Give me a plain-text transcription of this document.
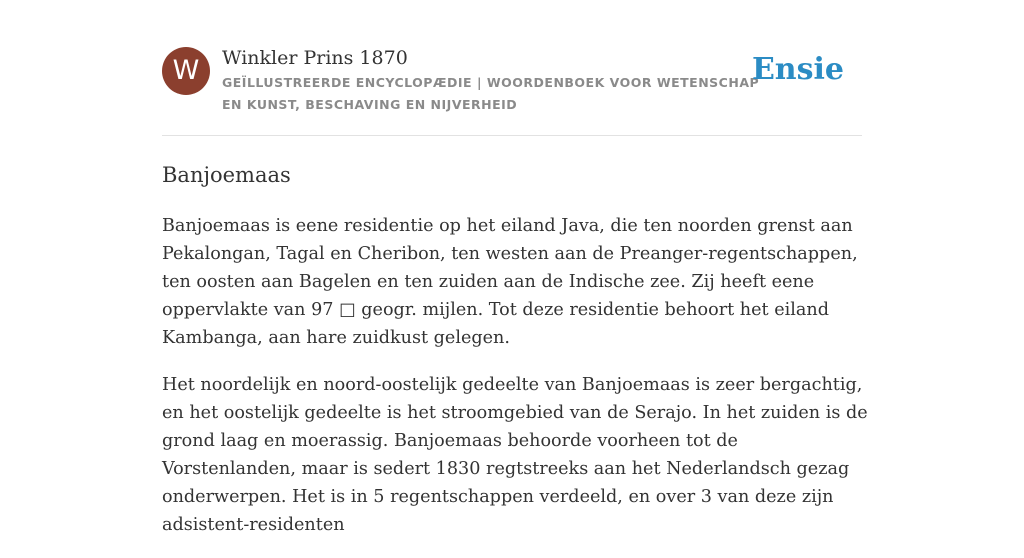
W	Winkler Prins 1870
GEÏLLUSTREERDE ENCYCLOPÆDIE | WOORDENBOEK VOOR WETENSCHAP EN KUNST, BESCHAVING EN NIJVERHEID
Ensie
Banjoemaas

Banjoemaas is eene residentie op het eiland Java, die ten noorden grenst aan Pekalongan, Tagal en Cheribon, ten westen aan de Preanger-regentschappen, ten oosten aan Bagelen en ten zuiden aan de Indische zee. Zij heeft eene oppervlakte van 97 □ geogr. mijlen. Tot deze residentie behoort het eiland Kambanga, aan hare zuidkust gelegen.

Het noordelijk en noord-oostelijk gedeelte van Banjoemaas is zeer bergachtig, en het oostelijk gedeelte is het stroomgebied van de Serajo. In het zuiden is de grond laag en moerassig. Banjoemaas behoorde voorheen tot de Vorstenlanden, maar is sedert 1830 regtstreeks aan het Nederlandsch gezag onderwerpen. Het is in 5 regentschappen verdeeld, en over 3 van deze zijn adsistent-residenten
